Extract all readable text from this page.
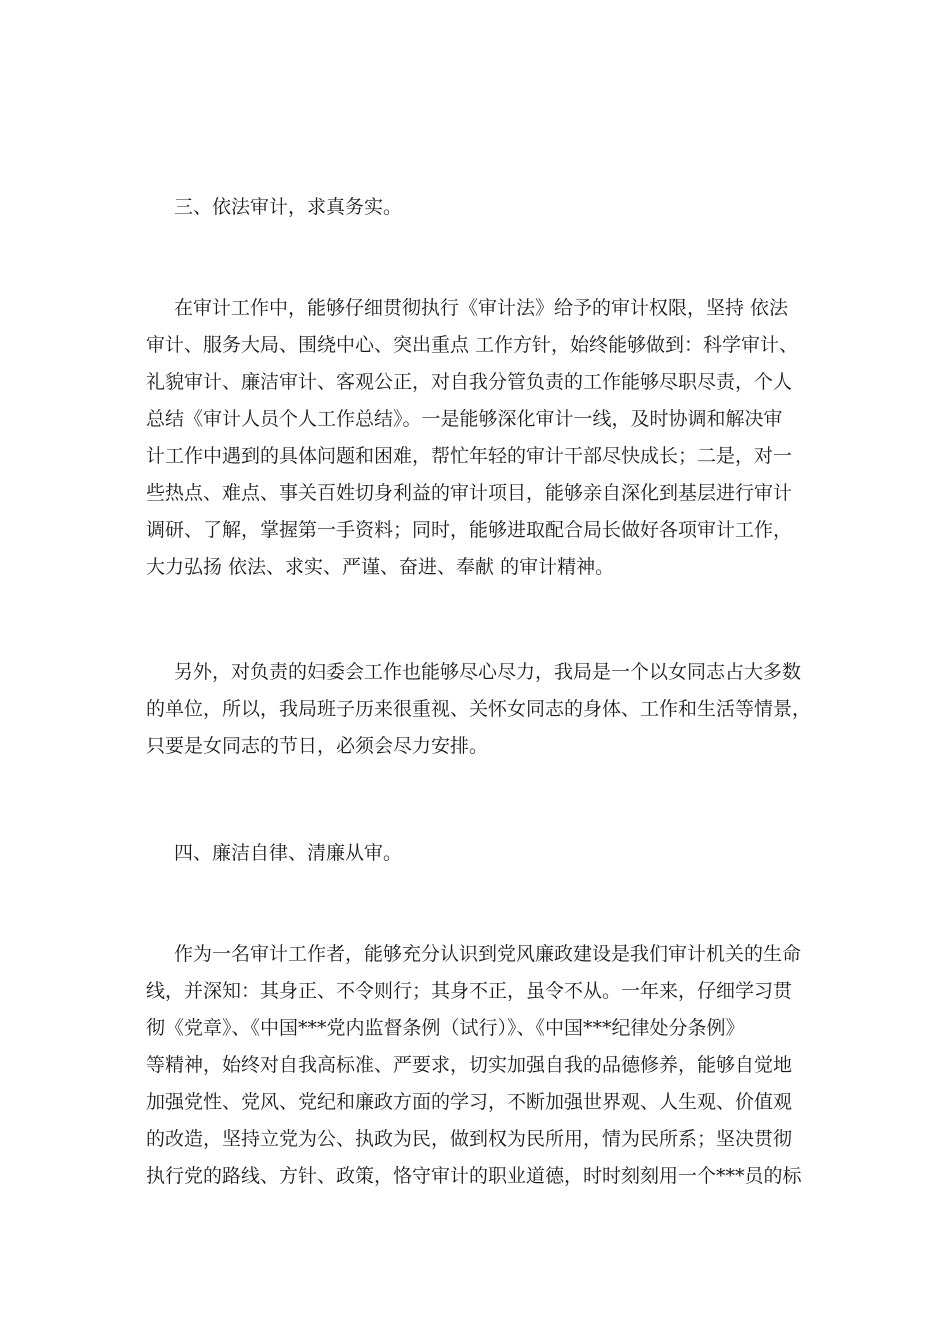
三、依法审计，求真务实。
在审计工作中，能够仔细贯彻执行《审计法》给予的审计权限，坚持 依法
审计、服务大局、围绕中心、突出重点 工作方针，始终能够做到：科学审计、
礼貌审计、廉洁审计、客观公正，对自我分管负责的工作能够尽职尽责，个人
总结《审计人员个人工作总结》。一是能够深化审计一线，及时协调和解决审
计工作中遇到的具体问题和困难，帮忙年轻的审计干部尽快成长；二是，对一
些热点、难点、事关百姓切身利益的审计项目，能够亲自深化到基层进行审计
调研、了解，掌握第一手资料；同时，能够进取配合局长做好各项审计工作，
大力弘扬 依法、求实、严谨、奋进、奉献 的审计精神。
另外，对负责的妇委会工作也能够尽心尽力，我局是一个以女同志占大多数
的单位，所以，我局班子历来很重视、关怀女同志的身体、工作和生活等情景，
只要是女同志的节日，必须会尽力安排。
四、廉洁自律、清廉从审。
作为一名审计工作者，能够充分认识到党风廉政建设是我们审计机关的生命
线，并深知：其身正、不令则行；其身不正，虽令不从。一年来，仔细学习贯
彻《党章》、《中国***党内监督条例（试行）》、《中国***纪律处分条例》
等精神，始终对自我高标准、严要求，切实加强自我的品德修养，能够自觉地
加强党性、党风、党纪和廉政方面的学习，不断加强世界观、人生观、价值观
的改造，坚持立党为公、执政为民，做到权为民所用，情为民所系；坚决贯彻
执行党的路线、方针、政策，恪守审计的职业道德，时时刻刻用一个***员的标
